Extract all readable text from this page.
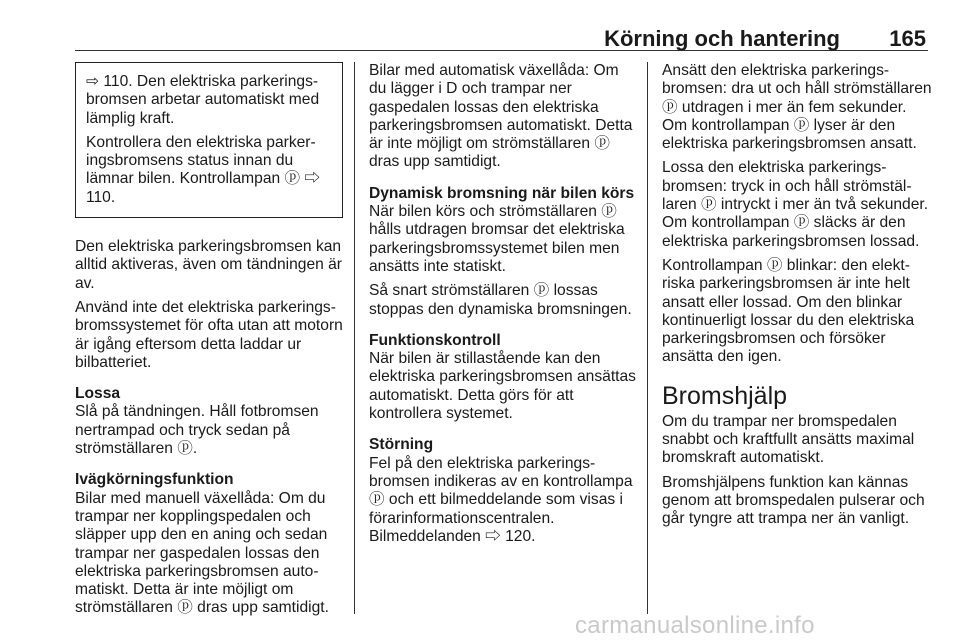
Körning och hantering 165

⇨ 110. Den elektriska parkeringsbromsen arbetar automatiskt med lämplig kraft.

Kontrollera den elektriska parkeringsbromsens status innan du lämnar bilen. Kontrollampan ⓟ ⇨ 110.

Den elektriska parkeringsbromsen kan alltid aktiveras, även om tändningen är av.

Använd inte det elektriska parkeringsbromssystemet för ofta utan att motorn är igång eftersom detta laddar ur bilbatteriet.

Lossa

Slå på tändningen. Håll fotbromsen nertrampad och tryck sedan på strömställaren ⓟ.

Ivägkörningsfunktion

Bilar med manuell växellåda: Om du trampar ner kopplingspedalen och släpper upp den en aning och sedan trampar ner gaspedalen lossas den elektriska parkeringsbromsen automatiskt. Detta är inte möjligt om strömställaren ⓟ dras upp samtidigt.

Bilar med automatisk växellåda: Om du lägger i D och trampar ner gaspedalen lossas den elektriska parkeringsbromsen automatiskt. Detta är inte möjligt om strömställaren ⓟ dras upp samtidigt.

Dynamisk bromsning när bilen körs

När bilen körs och strömställaren ⓟ hålls utdragen bromsar det elektriska parkeringsbromssystemet bilen men ansätts inte statiskt.

Så snart strömställaren ⓟ lossas stoppas den dynamiska bromsningen.

Funktionskontroll

När bilen är stillastående kan den elektriska parkeringsbromsen ansättas automatiskt. Detta görs för att kontrollera systemet.

Störning

Fel på den elektriska parkeringsbromsen indikeras av en kontrollampa ⓟ och ett bilmeddelande som visas i förarinformationscentralen. Bilmeddelanden ⇨ 120.

Ansätt den elektriska parkeringsbromsen: dra ut och håll strömställaren ⓟ utdragen i mer än fem sekunder. Om kontrollampan ⓟ lyser är den elektriska parkeringsbromsen ansatt.

Lossa den elektriska parkeringsbromsen: tryck in och håll strömställaren ⓟ intryckt i mer än två sekunder. Om kontrollampan ⓟ släcks är den elektriska parkeringsbromsen lossad.

Kontrollampan ⓟ blinkar: den elektriska parkeringsbromsen är inte helt ansatt eller lossad. Om den blinkar kontinuerligt lossar du den elektriska parkeringsbromsen och försöker ansätta den igen.

Bromshjälp

Om du trampar ner bromspedalen snabbt och kraftfullt ansätts maximal bromskraft automatiskt.

Bromshjälpens funktion kan kännas genom att bromspedalen pulserar och går tyngre att trampa ner än vanligt.

carmanualsonline.info
